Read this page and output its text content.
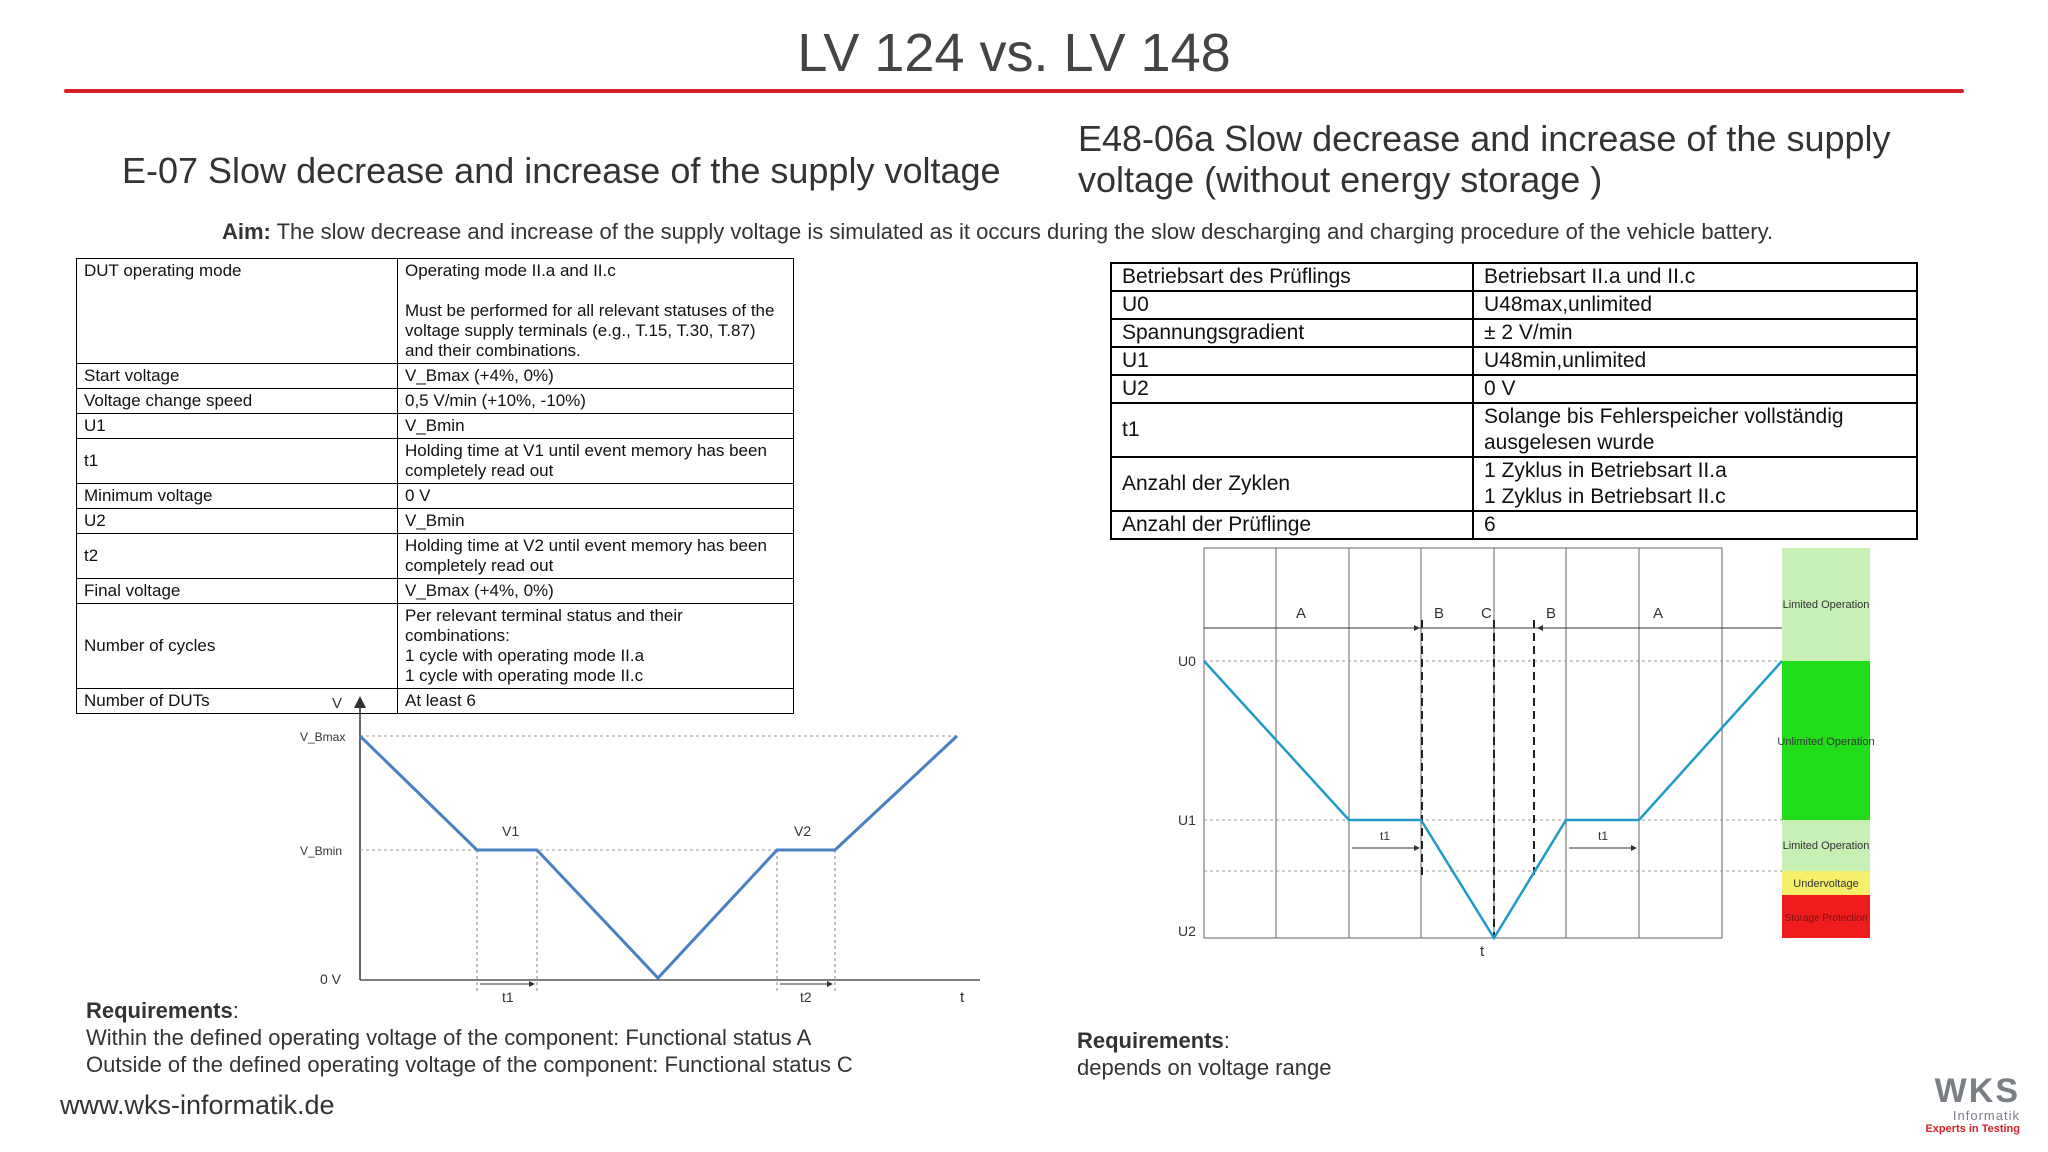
LV 124 vs. LV 148
E-07 Slow decrease and increase of the supply voltage
E48-06a Slow decrease and increase of the supply voltage (without energy storage )
Aim: The slow decrease and increase of the supply voltage is simulated as it occurs during the slow descharging and charging procedure of the vehicle battery.
DUT operating mode	Operating mode II.a and II.c
Must be performed for all relevant statuses of the voltage supply terminals (e.g., T.15, T.30, T.87) and their combinations.

Start voltage	V_Bmax (+4%, 0%)
Voltage change speed	0,5 V/min (+10%, -10%)
U1	V_Bmin
t1	Holding time at V1 until event memory has been completely read out
Minimum voltage	0 V
U2	V_Bmin
t2	Holding time at V2 until event memory has been completely read out
Final voltage	V_Bmax (+4%, 0%)
Number of cycles	Per relevant terminal status and their combinations:
1 cycle with operating mode II.a
1 cycle with operating mode II.c

Number of DUTs	At least 6
Betriebsart des Prüflings	Betriebsart II.a und II.c
U0	U48max,unlimited
Spannungsgradient	± 2 V/min
U1	U48min,unlimited
U2	0 V
t1	Solange bis Fehlerspeicher vollständig ausgelesen wurde
Anzahl der Zyklen	1 Zyklus in Betriebsart II.a
1 Zyklus in Betriebsart II.c

Anzahl der Prüflinge	6
V
V_Bmax
V_Bmin
0 V
V1	V2
t1	t2	t
Limited Operation
Unlimited Operation
Limited Operation
Undervoltage
Storage Protection
A	B C	B	A
U0
U1
U2
t1	t1
t
Requirements:
Within the defined operating voltage of the component: Functional status A
Outside of the defined operating voltage of the component: Functional status C
Requirements:
depends on voltage range
www.wks-informatik.de	WKS
Informatik
Experts in Testing
